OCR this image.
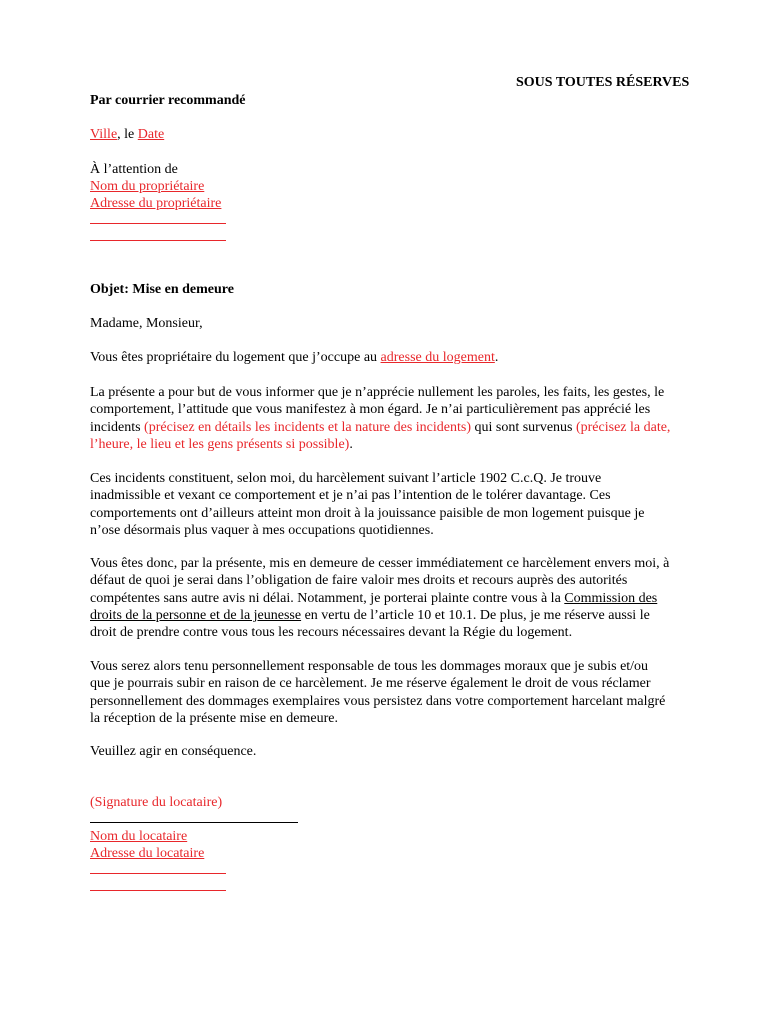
SOUS TOUTES RÉSERVES
Par courrier recommandé
Ville, le Date
À l’attention de
Nom du propriétaire
Adresse du propriétaire
Objet: Mise en demeure
Madame, Monsieur,
Vous êtes propriétaire du logement que j’occupe au adresse du logement.
La présente a pour but de vous informer que je n’apprécie nullement les paroles, les faits, les gestes, le
comportement, l’attitude que vous manifestez à mon égard. Je n’ai particulièrement pas apprécié les
incidents (précisez en détails les incidents et la nature des incidents) qui sont survenus (précisez la date,
l’heure, le lieu et les gens présents si possible).
Ces incidents constituent, selon moi, du harcèlement suivant l’article 1902 C.c.Q. Je trouve
inadmissible et vexant ce comportement et je n’ai pas l’intention de le tolérer davantage. Ces
comportements ont d’ailleurs atteint mon droit à la jouissance paisible de mon logement puisque je
n’ose désormais plus vaquer à mes occupations quotidiennes.
Vous êtes donc, par la présente, mis en demeure de cesser immédiatement ce harcèlement envers moi, à
défaut de quoi je serai dans l’obligation de faire valoir mes droits et recours auprès des autorités
compétentes sans autre avis ni délai. Notamment, je porterai plainte contre vous à la Commission des
droits de la personne et de la jeunesse en vertu de l’article 10 et 10.1. De plus, je me réserve aussi le
droit de prendre contre vous tous les recours nécessaires devant la Régie du logement.
Vous serez alors tenu personnellement responsable de tous les dommages moraux que je subis et/ou
que je pourrais subir en raison de ce harcèlement. Je me réserve également le droit de vous réclamer
personnellement des dommages exemplaires vous persistez dans votre comportement harcelant malgré
la réception de la présente mise en demeure.
Veuillez agir en conséquence.
(Signature du locataire)
Nom du locataire
Adresse du locataire
